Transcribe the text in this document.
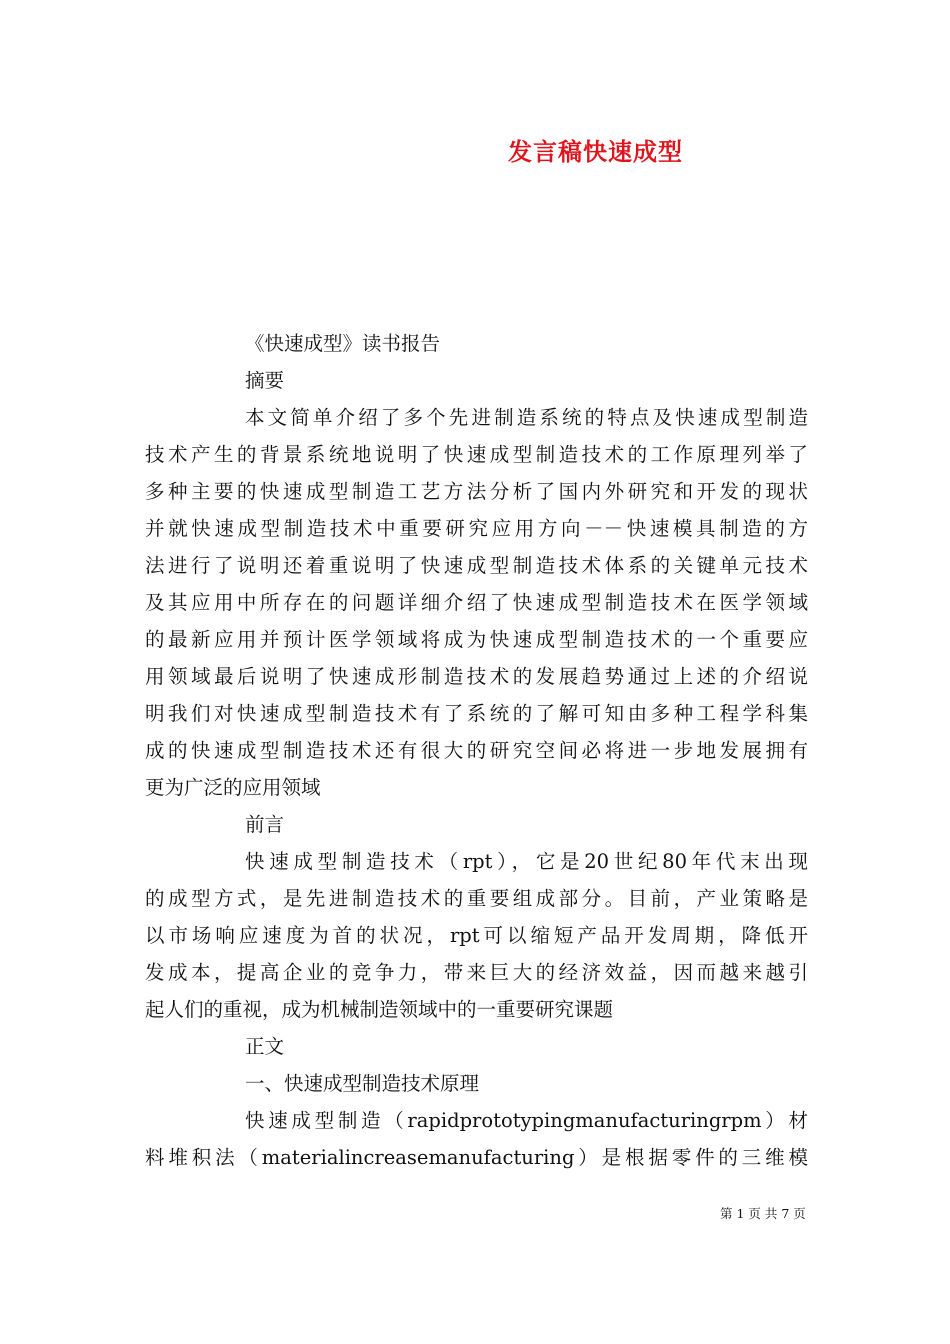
发言稿快速成型
《快速成型》读书报告
摘要
本文简单介绍了多个先进制造系统的特点及快速成型制造
技术产生的背景系统地说明了快速成型制造技术的工作原理列举了
多种主要的快速成型制造工艺方法分析了国内外研究和开发的现状
并就快速成型制造技术中重要研究应用方向－－快速模具制造的方
法进行了说明还着重说明了快速成型制造技术体系的关键单元技术
及其应用中所存在的问题详细介绍了快速成型制造技术在医学领域
的最新应用并预计医学领域将成为快速成型制造技术的一个重要应
用领域最后说明了快速成形制造技术的发展趋势通过上述的介绍说
明我们对快速成型制造技术有了系统的了解可知由多种工程学科集
成的快速成型制造技术还有很大的研究空间必将进一步地发展拥有
更为广泛的应用领域
前言
快速成型制造技术（rpt），它是20世纪80年代末出现
的成型方式，是先进制造技术的重要组成部分。目前，产业策略是
以市场响应速度为首的状况，rpt可以缩短产品开发周期，降低开
发成本，提高企业的竞争力，带来巨大的经济效益，因而越来越引
起人们的重视，成为机械制造领域中的一重要研究课题
正文
一、快速成型制造技术原理
快速成型制造（rapidprototypingmanufacturingrpm）材
料堆积法（materialincreasemanufacturing）是根据零件的三维模
第 1 页 共 7 页
